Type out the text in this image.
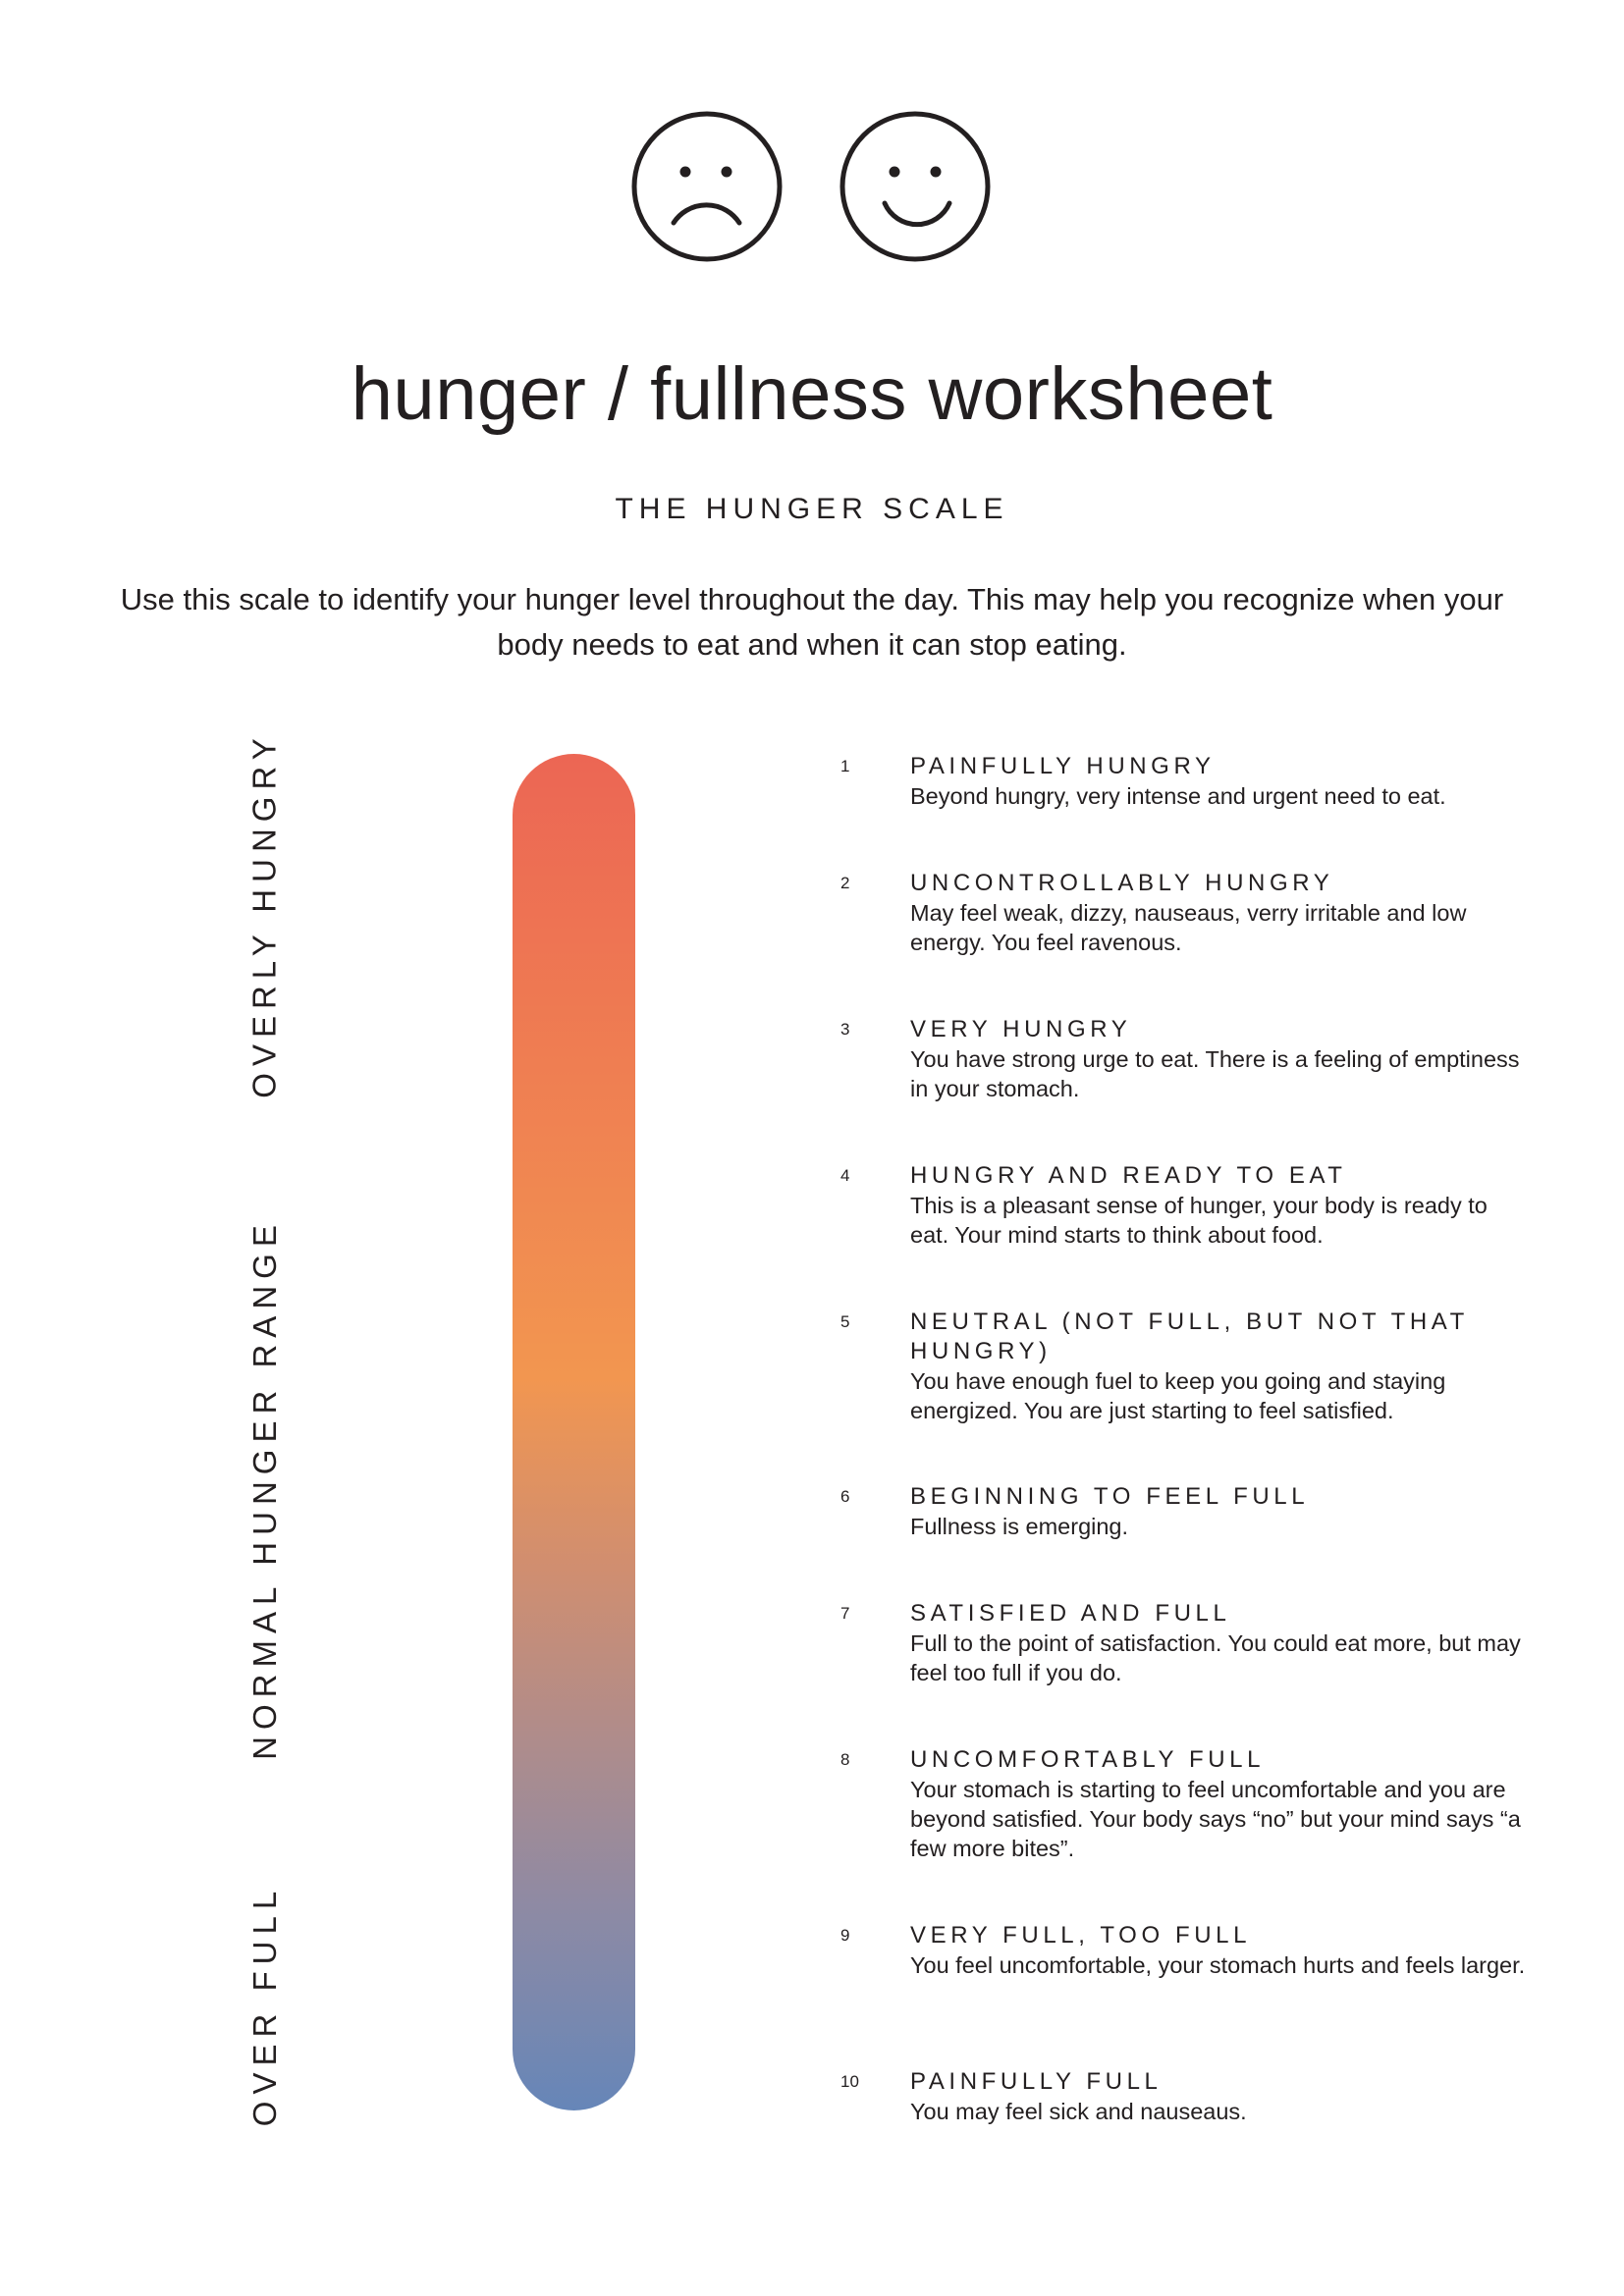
hunger / fullness worksheet
THE HUNGER SCALE

Use this scale to identify your hunger level throughout the day. This may help you recognize when your body needs to eat and when it can stop eating.

OVERLY HUNGRY
NORMAL HUNGER RANGE
OVER FULL
1	PAINFULLY HUNGRY

Beyond hungry, very intense and urgent need to eat.

2	UNCONTROLLABLY HUNGRY

May feel weak, dizzy, nauseaus, verry irritable and low energy. You feel ravenous.

3	VERY HUNGRY

You have strong urge to eat. There is a feeling of emptiness in your stomach.

4	HUNGRY AND READY TO EAT

This is a pleasant sense of hunger, your body is ready to eat. Your mind starts to think about food.

5	NEUTRAL (NOT FULL, BUT NOT THAT HUNGRY)

You have enough fuel to keep you going and staying energized. You are just starting to feel satisfied.

6	BEGINNING TO FEEL FULL

Fullness is emerging.

7	SATISFIED AND FULL

Full to the point of satisfaction. You could eat more, but may feel too full if you do.

8	UNCOMFORTABLY FULL

Your stomach is starting to feel uncomfortable and you are beyond satisfied. Your body says “no” but your mind says “a few more bites”.

9	VERY FULL, TOO FULL

You feel uncomfortable, your stomach hurts and feels larger.

10 PAINFULLY FULL

You may feel sick and nauseaus.
